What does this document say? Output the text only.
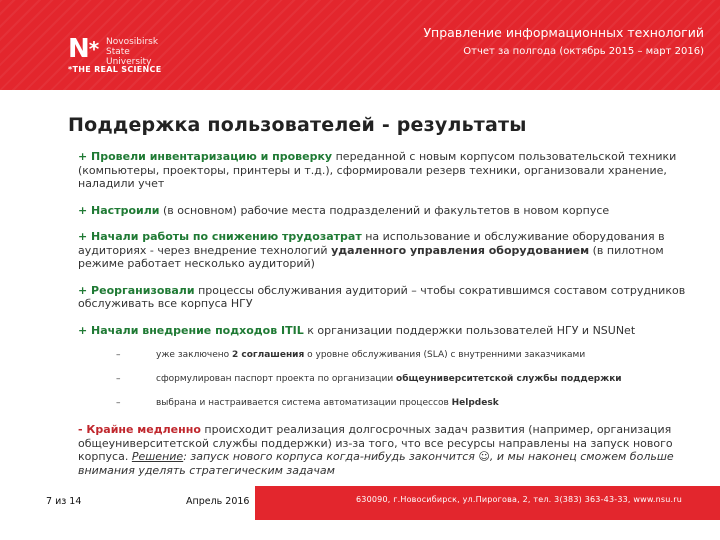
N* Novosibirsk
State
University
*THE REAL SCIENCE
Управление информационных технологий
Отчет за полгода (октябрь 2015 – март 2016)
Поддержка пользователей - результаты

+ Провели инвентаризацию и проверку переданной с новым корпусом пользовательской техники (компьютеры, проекторы, принтеры и т.д.), сформировали резерв техники, организовали хранение, наладили учет

+ Настроили (в основном) рабочие места подразделений и факультетов в новом корпусе

+ Начали работы по снижению трудозатрат на использование и обслуживание оборудования в аудиториях - через внедрение технологий удаленного управления оборудованием (в пилотном режиме работает несколько аудиторий)

+ Реорганизовали процессы обслуживания аудиторий – чтобы сократившимся составом сотрудников обслуживать все корпуса НГУ

+ Начали внедрение подходов ITIL к организации поддержки пользователей НГУ и NSUNet

–	уже заключено 2 соглашения о уровне обслуживания (SLA) с внутренними заказчиками
–	сформулирован паспорт проекта по организации общеуниверситетской службы поддержки
–	выбрана и настраивается система автоматизации процессов Helpdesk

- Крайне медленно происходит реализация долгосрочных задач развития (например, организация общеуниверситетской службы поддержки) из-за того, что все ресурсы направлены на запуск нового корпуса. Решение: запуск нового корпуса когда-нибудь закончится ☺, и мы наконец сможем больше внимания уделять стратегическим задачам

7 из 14	Апрель 2016	630090, г.Новосибирск, ул.Пирогова, 2, тел. 3(383) 363-43-33, www.nsu.ru
